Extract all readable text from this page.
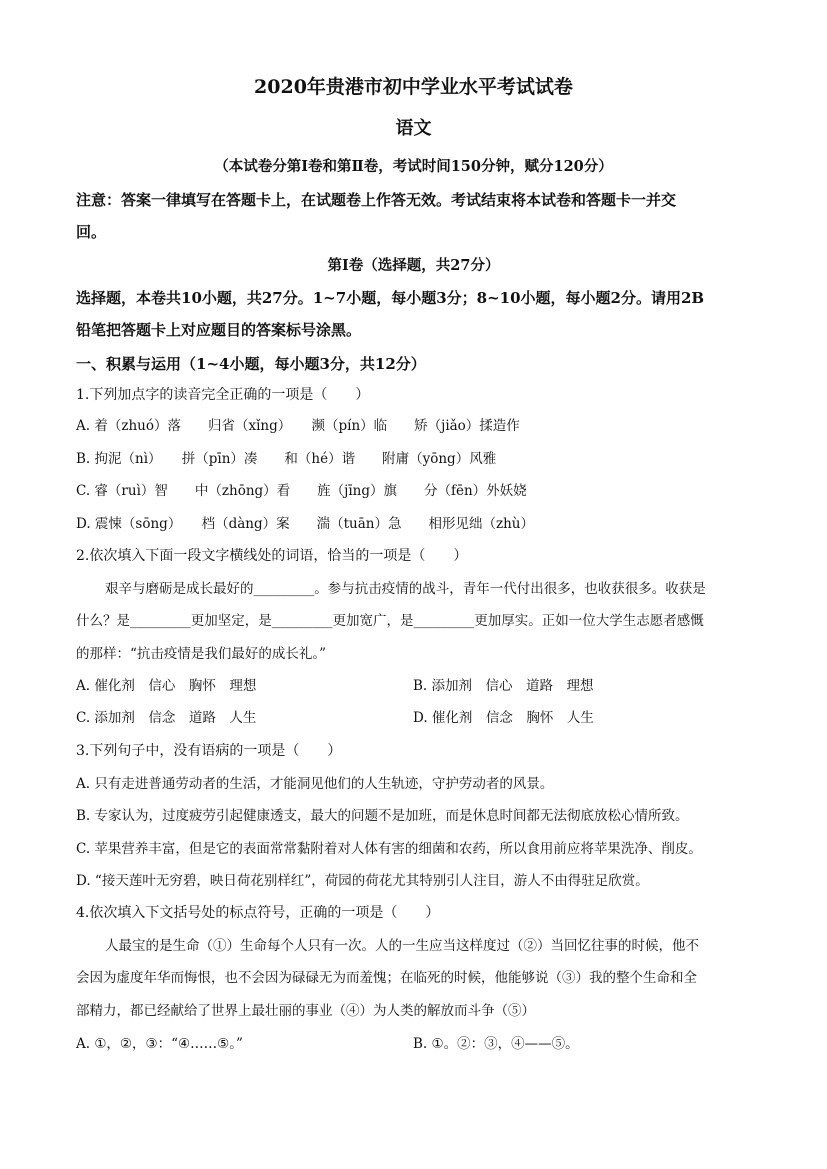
2020年贵港市初中学业水平考试试卷
语文
（本试卷分第Ⅰ卷和第Ⅱ卷，考试时间150分钟，赋分120分）
注意：答案一律填写在答题卡上，在试题卷上作答无效。考试结束将本试卷和答题卡一并交
回。
第Ⅰ卷（选择题，共27分）
选择题，本卷共10小题，共27分。1~7小题，每小题3分；8~10小题，每小题2分。请用2B
铅笔把答题卡上对应题目的答案标号涂黑。
一、积累与运用（1~4小题，每小题3分，共12分）
1.下列加点字的读音完全正确的一项是（　　）
A. 着（zhuó）落　　归省（xǐng）　　濒（pín）临　　矫（jiǎo）揉造作
B. 拘泥（nì）　　拼（pīn）凑　　和（hé）谐　　附庸（yōng）风雅
C. 睿（ruì）智　　中（zhōng）看　　旌（jīng）旗　　分（fēn）外妖娆
D. 震悚（sōng）　　档（dàng）案　　湍（tuān）急　　相形见绌（zhù）
2.依次填入下面一段文字横线处的词语，恰当的一项是（　　）
艰辛与磨砺是成长最好的_________。参与抗击疫情的战斗，青年一代付出很多，也收获很多。收获是
什么？是_________更加坚定，是_________更加宽广，是_________更加厚实。正如一位大学生志愿者感慨
的那样：“抗击疫情是我们最好的成长礼。”
A. 催化剂　信心　胸怀　理想	B. 添加剂　信心　道路　理想
C. 添加剂　信念　道路　人生	D. 催化剂　信念　胸怀　人生
3.下列句子中，没有语病的一项是（　　）
A. 只有走进普通劳动者的生活，才能洞见他们的人生轨迹，守护劳动者的风景。
B. 专家认为，过度疲劳引起健康透支，最大的问题不是加班，而是休息时间都无法彻底放松心情所致。
C. 苹果营养丰富，但是它的表面常常黏附着对人体有害的细菌和农药，所以食用前应将苹果洗净、削皮。
D. “接天莲叶无穷碧，映日荷花别样红”，荷园的荷花尤其特别引人注目，游人不由得驻足欣赏。
4.依次填入下文括号处的标点符号，正确的一项是（　　）
人最宝的是生命（①）生命每个人只有一次。人的一生应当这样度过（②）当回忆往事的时候，他不
会因为虚度年华而悔恨，也不会因为碌碌无为而羞愧；在临死的时候，他能够说（③）我的整个生命和全
部精力，都已经献给了世界上最壮丽的事业（④）为人类的解放而斗争（⑤）
A. ①，②，③：“④……⑤。”	B. ①。②：③，④——⑤。
